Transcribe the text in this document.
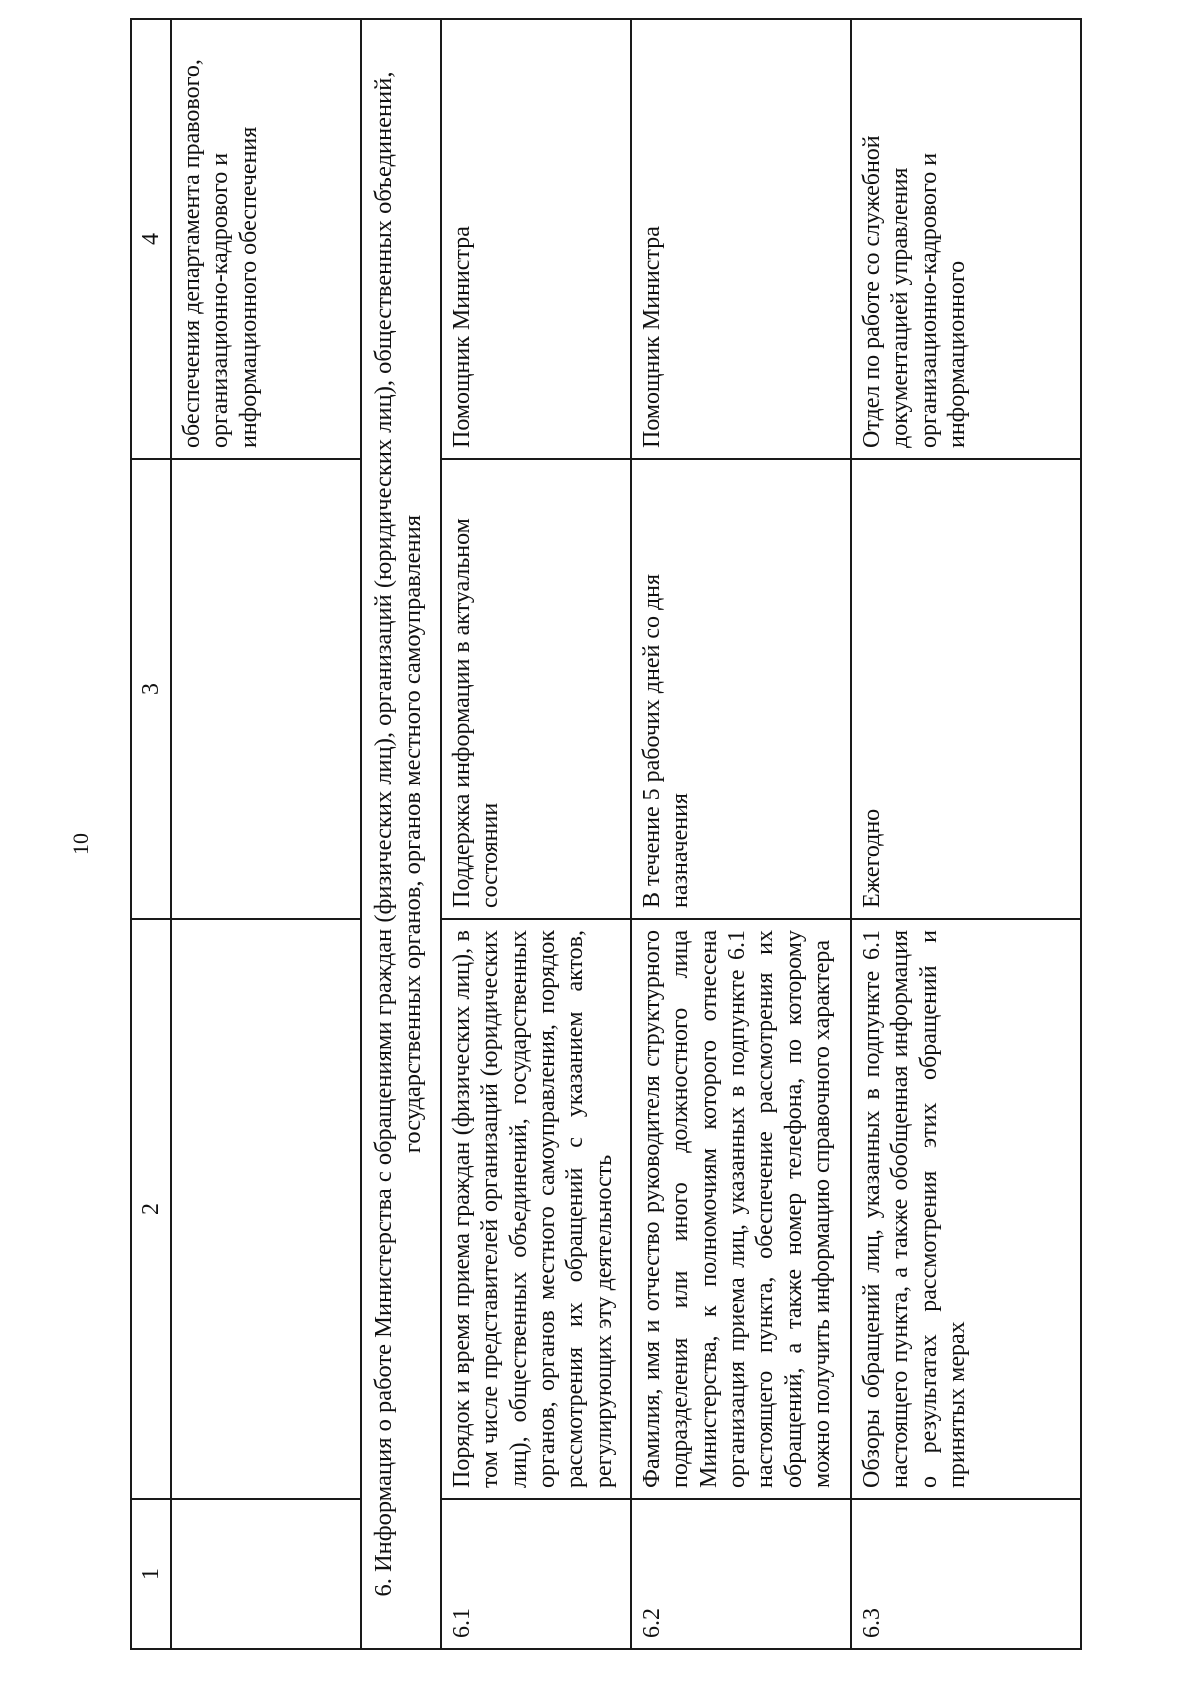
10
1	2	3	4
			обеспечения департамента правового, организационно-кадрового и информационного обеспечения
6. Информация о работе Министерства с обращениями граждан (физических лиц), организаций (юридических лиц), общественных объединений, государственных органов, органов местного самоуправления			
6.1	Порядок и время приема граждан (физических лиц), в том числе представителей организаций (юридических лиц), общественных объединений, государственных органов, органов местного самоуправления, порядок рассмотрения их обращений с указанием актов, регулирующих эту деятельность	Поддержка информации в актуальном состоянии	Помощник Министра
6.2	Фамилия, имя и отчество руководителя структурного подразделения или иного должностного лица Министерства, к полномочиям которого отнесена организация приема лиц, указанных в подпункте 6.1 настоящего пункта, обеспечение рассмотрения их обращений, а также номер телефона, по которому можно получить информацию справочного характера	В течение 5 рабочих дней со дня назначения	Помощник Министра
6.3	Обзоры обращений лиц, указанных в подпункте 6.1 настоящего пункта, а также обобщенная информация о результатах рассмотрения этих обращений и принятых мерах	Ежегодно	Отдел по работе со служебной документацией управления организационно-кадрового и информационного
